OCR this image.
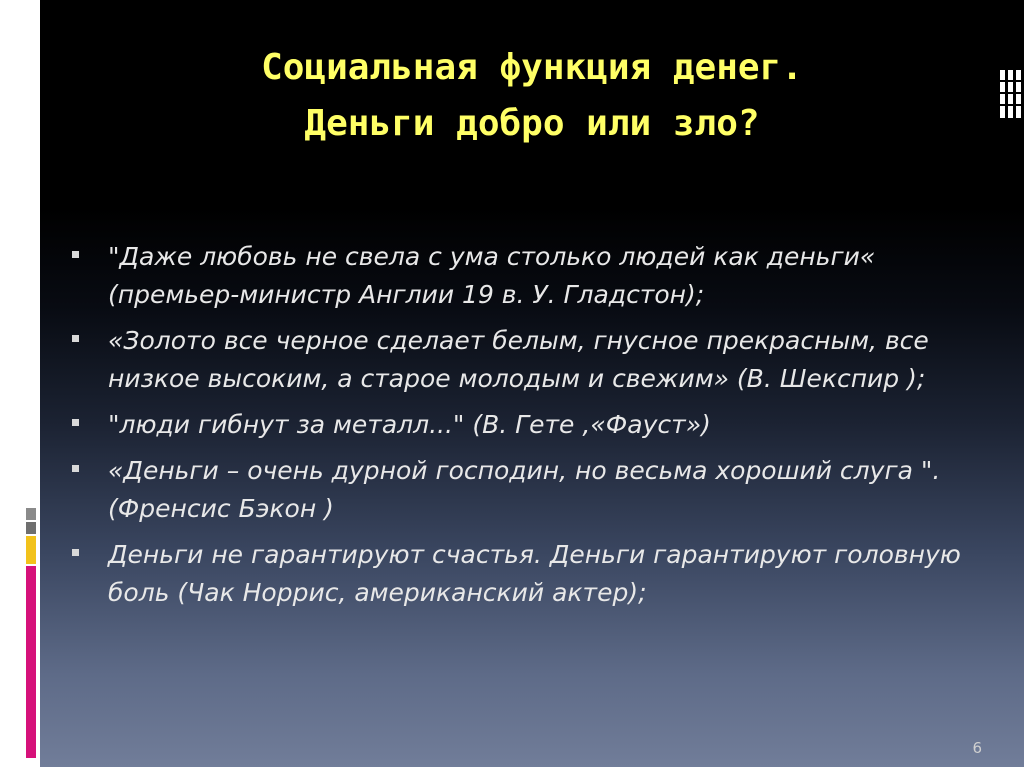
Социальная функция денег.
Деньги добро или зло?
"Даже любовь не свела с ума столько людей как деньги« (премьер-министр Англии 19 в. У. Гладстон);
«Золото все черное сделает белым, гнусное прекрасным, все низкое высоким, а старое молодым и свежим» (В. Шекспир );
"люди гибнут за металл..." (В. Гете ,«Фауст»)
«Деньги – очень дурной господин, но весьма хороший слуга ". (Френсис Бэкон )
Деньги не гарантируют счастья. Деньги гарантируют головную боль (Чак Норрис, американский актер);
6
